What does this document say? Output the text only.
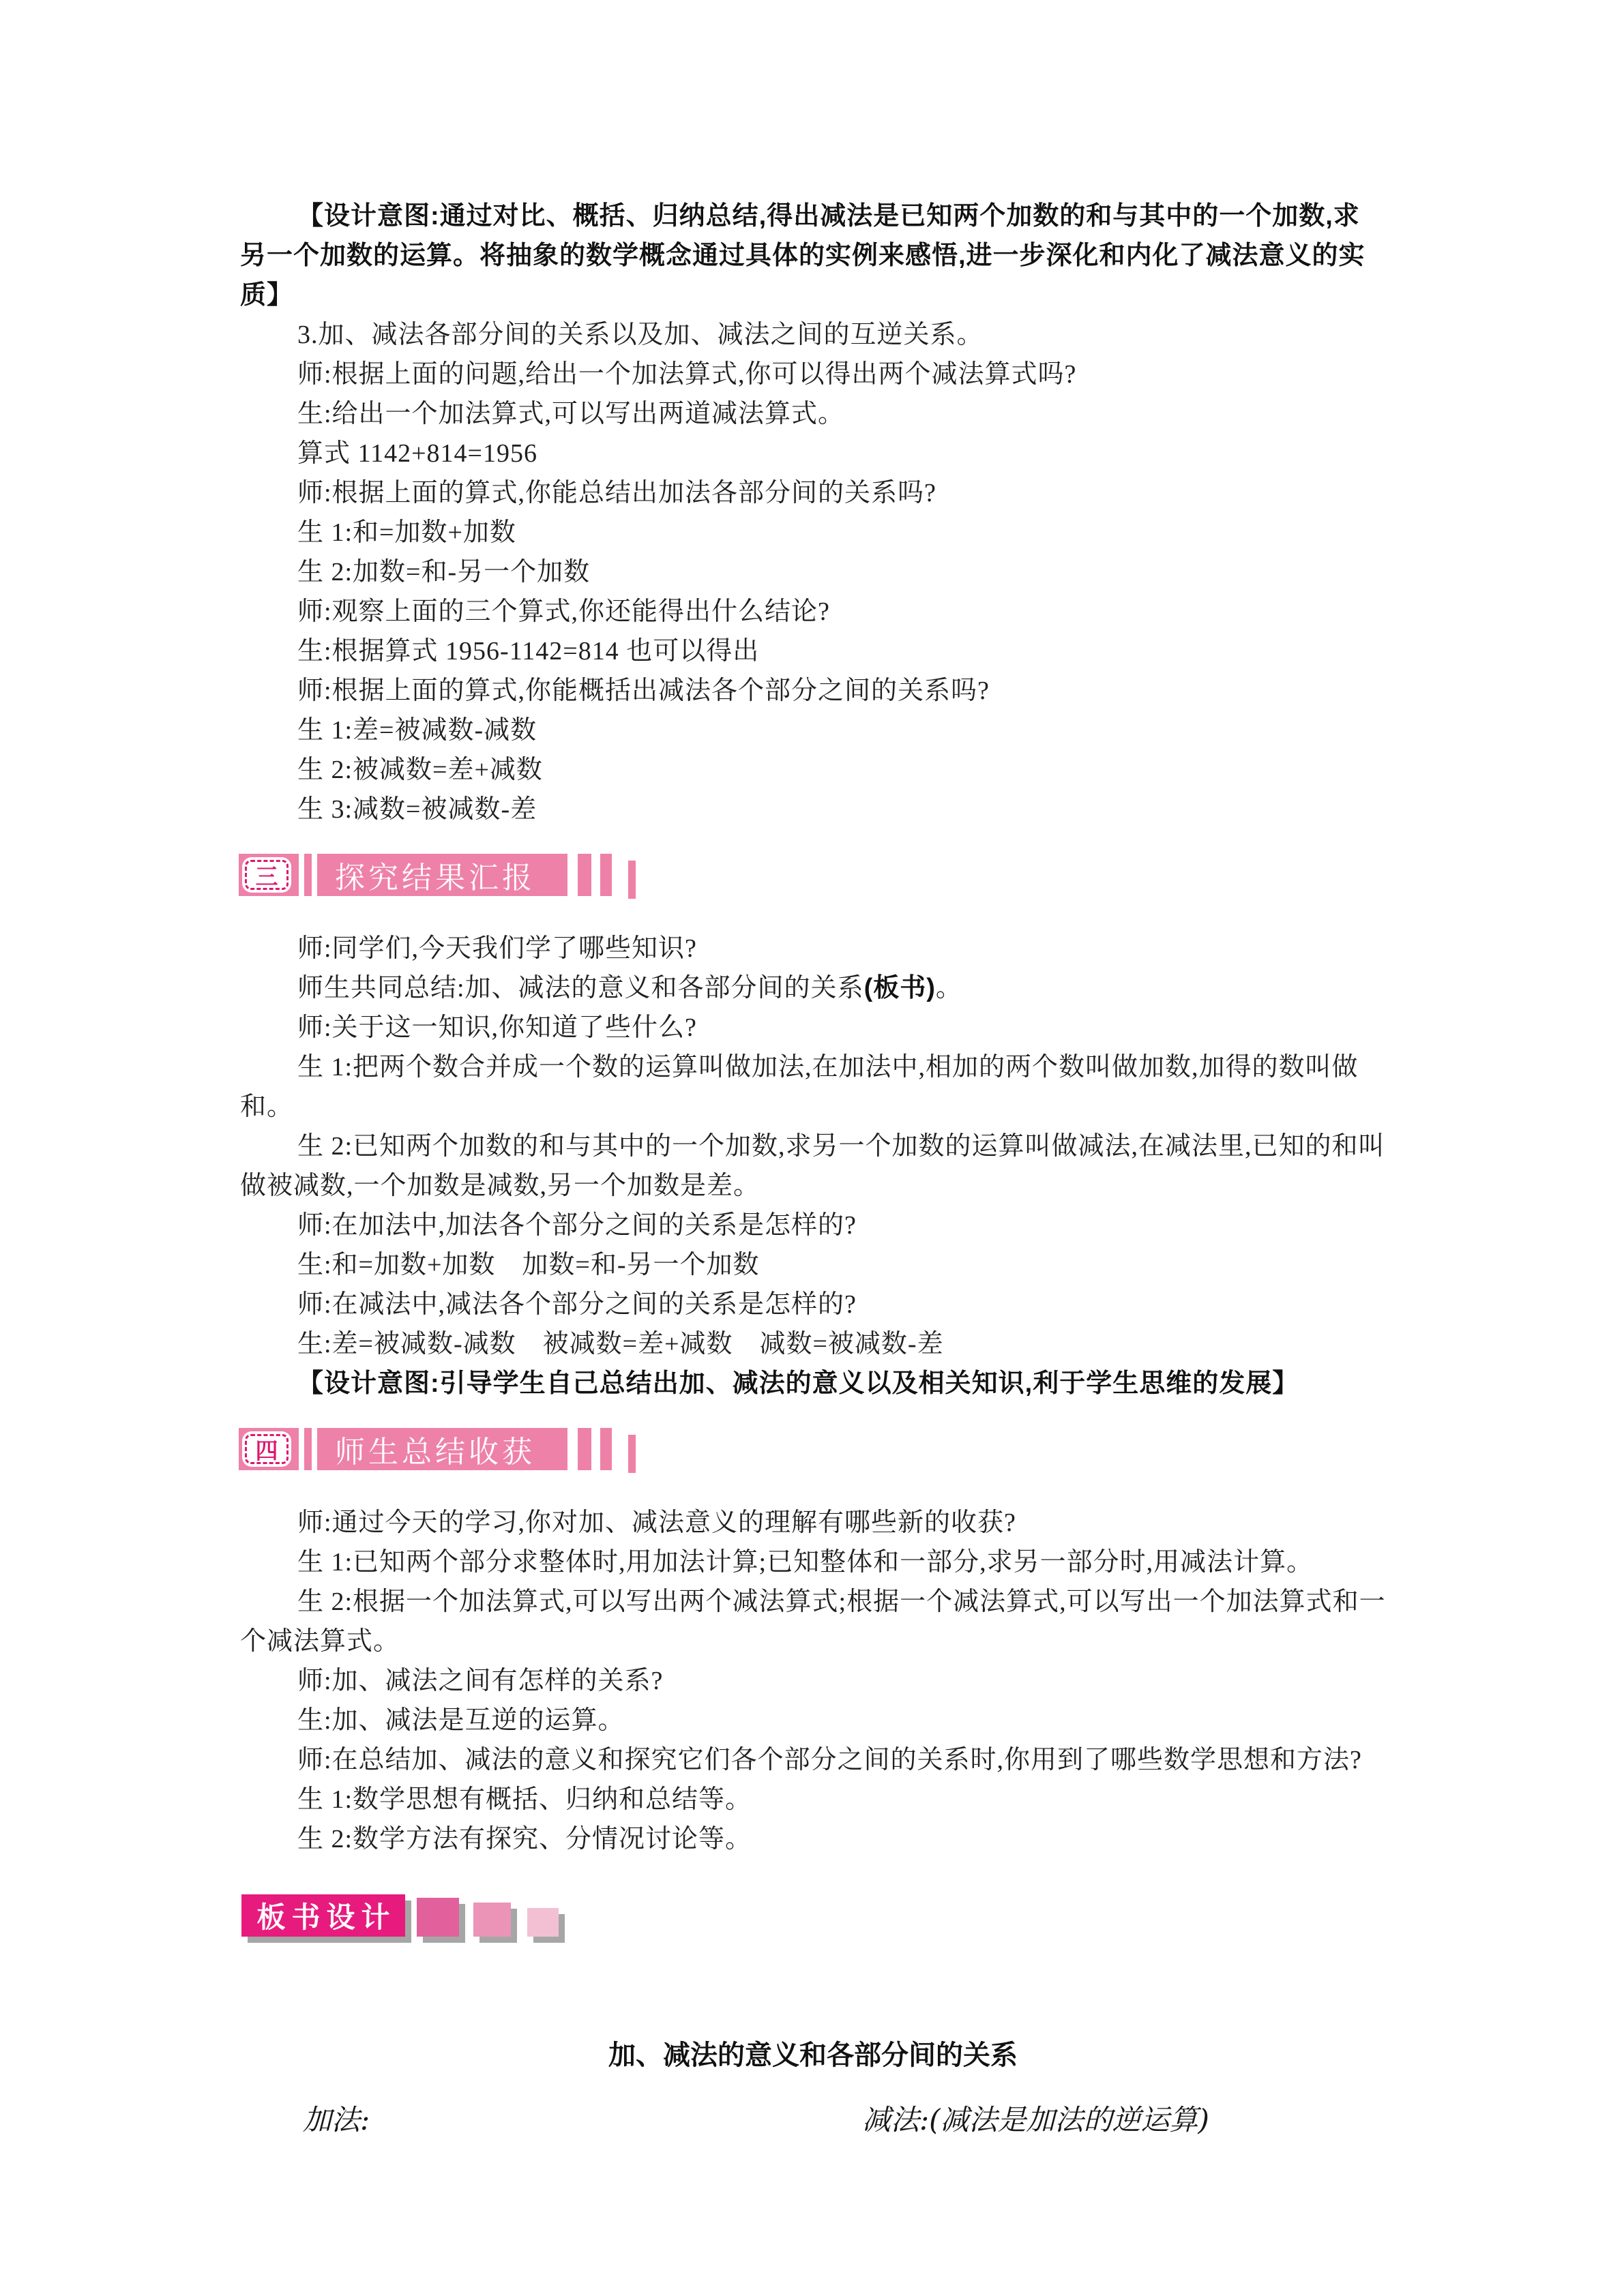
【设计意图:通过对比、概括、归纳总结,得出减法是已知两个加数的和与其中的一个加数,求另一个加数的运算。将抽象的数学概念通过具体的实例来感悟,进一步深化和内化了减法意义的实质】

3.加、减法各部分间的关系以及加、减法之间的互逆关系。

师:根据上面的问题,给出一个加法算式,你可以得出两个减法算式吗?

生:给出一个加法算式,可以写出两道减法算式。

算式 1142+814=1956

师:根据上面的算式,你能总结出加法各部分间的关系吗?

生 1:和=加数+加数

生 2:加数=和-另一个加数

师:观察上面的三个算式,你还能得出什么结论?

生:根据算式 1956-1142=814 也可以得出

师:根据上面的算式,你能概括出减法各个部分之间的关系吗?

生 1:差=被减数-减数

生 2:被减数=差+减数

生 3:减数=被减数-差

三	探究结果汇报

师:同学们,今天我们学了哪些知识?

师生共同总结:加、减法的意义和各部分间的关系(板书)。

师:关于这一知识,你知道了些什么?

生 1:把两个数合并成一个数的运算叫做加法,在加法中,相加的两个数叫做加数,加得的数叫做和。

生 2:已知两个加数的和与其中的一个加数,求另一个加数的运算叫做减法,在减法里,已知的和叫做被减数,一个加数是减数,另一个加数是差。

师:在加法中,加法各个部分之间的关系是怎样的?

生:和=加数+加数　加数=和-另一个加数

师:在减法中,减法各个部分之间的关系是怎样的?

生:差=被减数-减数　被减数=差+减数　减数=被减数-差

【设计意图:引导学生自己总结出加、减法的意义以及相关知识,利于学生思维的发展】

四	师生总结收获

师:通过今天的学习,你对加、减法意义的理解有哪些新的收获?

生 1:已知两个部分求整体时,用加法计算;已知整体和一部分,求另一部分时,用减法计算。

生 2:根据一个加法算式,可以写出两个减法算式;根据一个减法算式,可以写出一个加法算式和一个减法算式。

师:加、减法之间有怎样的关系?

生:加、减法是互逆的运算。

师:在总结加、减法的意义和探究它们各个部分之间的关系时,你用到了哪些数学思想和方法?

生 1:数学思想有概括、归纳和总结等。

生 2:数学方法有探究、分情况讨论等。

板书设计
加、减法的意义和各部分间的关系
加法:	减法:(减法是加法的逆运算)
